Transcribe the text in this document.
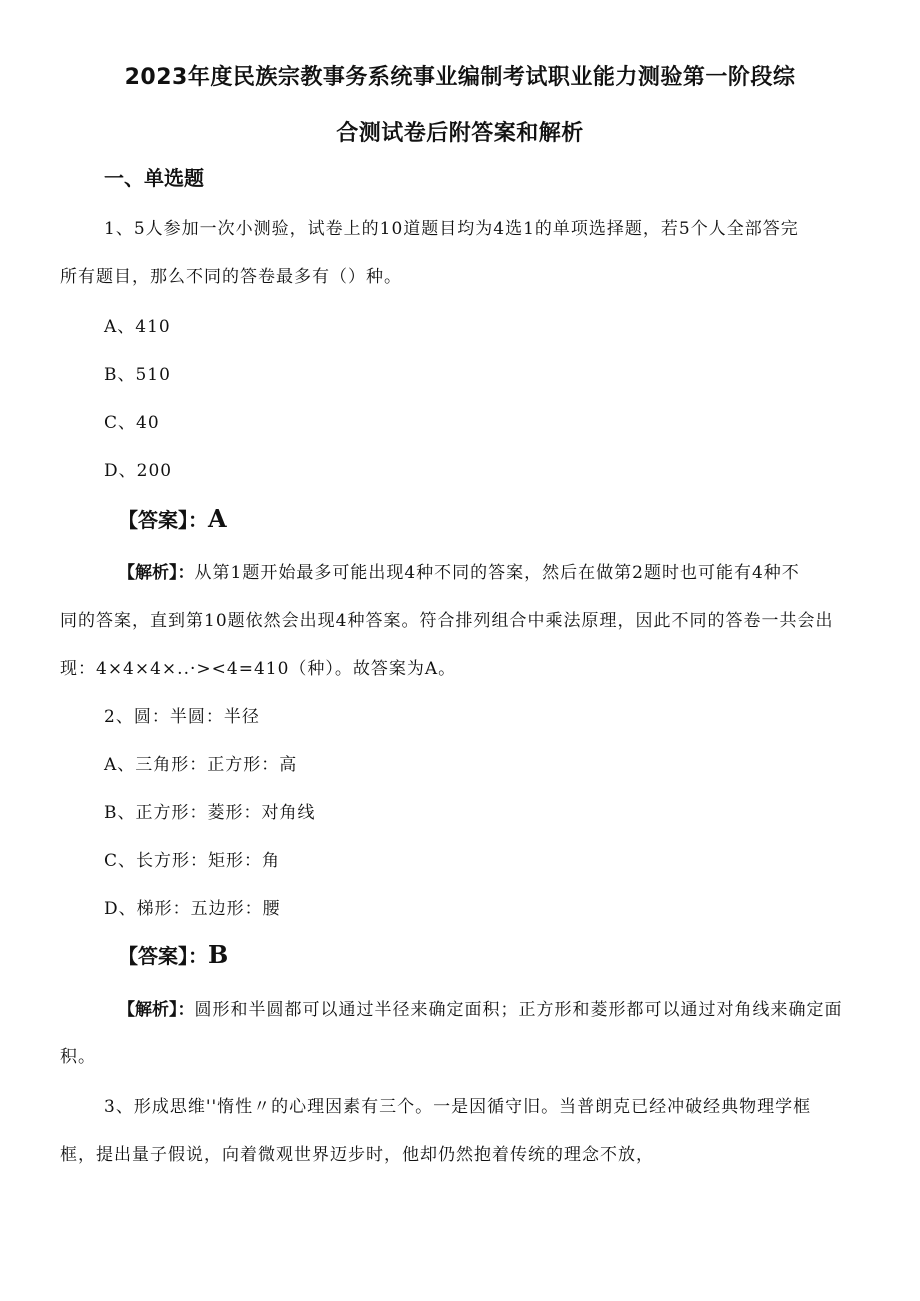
2023年度民族宗教事务系统事业编制考试职业能力测验第一阶段综
合测试卷后附答案和解析
一、单选题
1、5人参加一次小测验，试卷上的10道题目均为4选1的单项选择题，若5个人全部答完
所有题目，那么不同的答卷最多有（）种。
A、410
B、510
C、40
D、200
【答案】：A
【解析】：从第1题开始最多可能出现4种不同的答案，然后在做第2题时也可能有4种不
同的答案，直到第10题依然会出现4种答案。符合排列组合中乘法原理，因此不同的答卷一共会出
现：4×4×4×..·><4=410（种）。故答案为A。
2、圆：半圆：半径
A、三角形：正方形：高
B、正方形：菱形：对角线
C、长方形：矩形：角
D、梯形：五边形：腰
【答案】：B
【解析】：圆形和半圆都可以通过半径来确定面积；正方形和菱形都可以通过对角线来确定面
积。
3、形成思维''惰性〃的心理因素有三个。一是因循守旧。当普朗克已经冲破经典物理学框
框，提出量子假说，向着微观世界迈步时，他却仍然抱着传统的理念不放，
